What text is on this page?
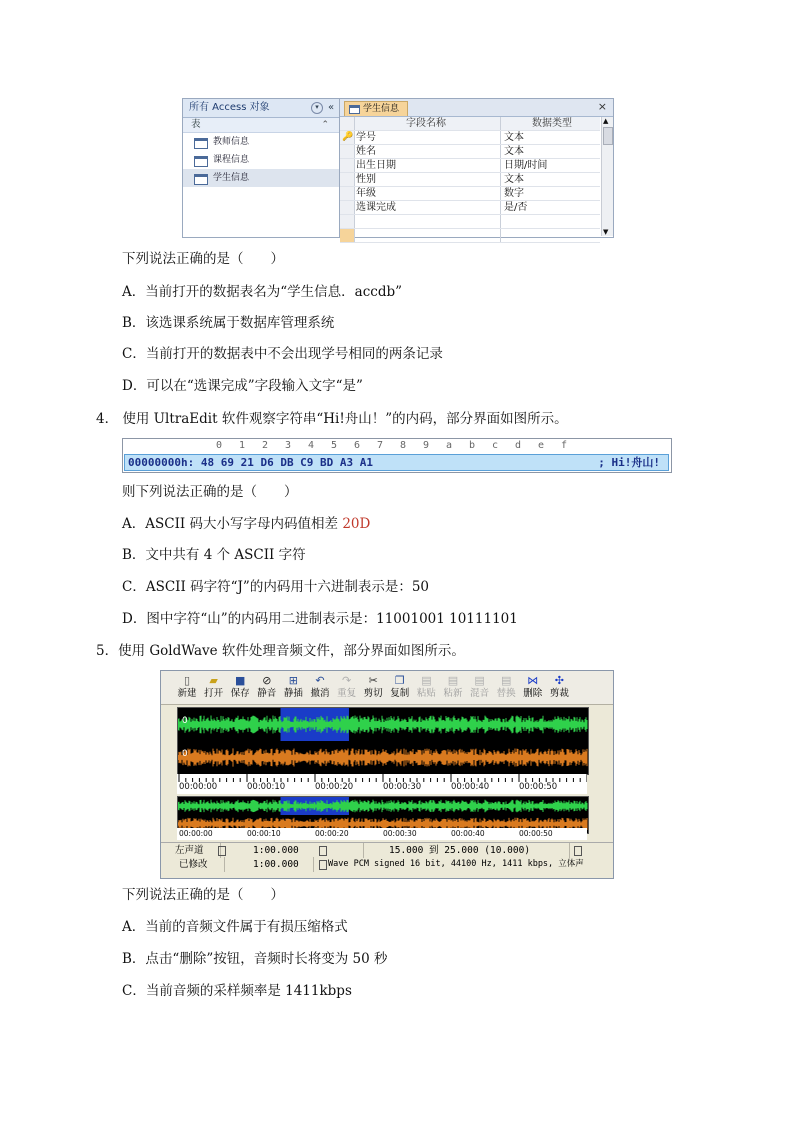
所有 Access 对象	▾ «
表	⌃
教师信息
课程信息
学生信息
学生信息	×
字段名称	数据类型
🔑 学号	文本
姓名	文本
出生日期	日期/时间
性别	文本
年级	数字
选课完成	是/否
▲
▼
下列说法正确的是（　　）
A．当前打开的数据表名为“学生信息．accdb”
B．该选课系统属于数据库管理系统
C．当前打开的数据表中不会出现学号相同的两条记录
D．可以在“选课完成”字段输入文字“是”
4． 使用 UltraEdit 软件观察字符串“Hi!舟山！”的内码，部分界面如图所示。
0 1 2 3 4 5 6 7 8 9 a b c d e f
00000000h: 48 69 21 D6 DB C9 BD A3 A1	; Hi!舟山!
则下列说法正确的是（　　）
A．ASCII 码大小写字母内码值相差 20D
B．文中共有 4 个 ASCII 字符
C．ASCII 码字符“J”的内码用十六进制表示是：50
D．图中字符“山”的内码用二进制表示是：11001001 10111101
5．使用 GoldWave 软件处理音频文件，部分界面如图所示。
▯
新建
▰
打开
■
保存
⊘
静音
⊞
静插
↶
撤消
↷
重复
✂
剪切
❐
复制
▤
粘贴
▤
粘新
▤
混音
▤
替换
⋈
删除
✣
剪裁
0
0
00:00:00	00:00:10	00:00:20	00:00:30	00:00:40	00:00:50
00:00:00	00:00:10	00:00:20	00:00:30	00:00:40	00:00:50
左声道	1:00.000	15.000 到 25.000 (10.000)
已修改	1:00.000	Wave PCM signed 16 bit, 44100 Hz, 1411 kbps, 立体声
下列说法正确的是（　　）
A．当前的音频文件属于有损压缩格式
B．点击“删除”按钮，音频时长将变为 50 秒
C．当前音频的采样频率是 1411kbps
